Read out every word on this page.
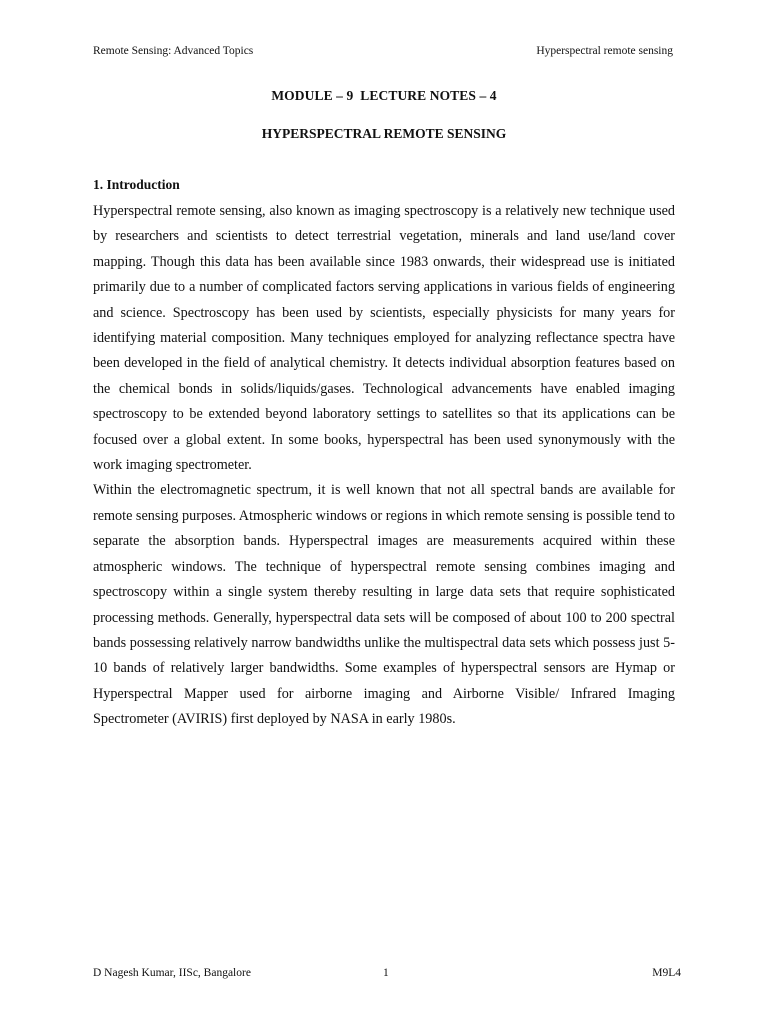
Remote Sensing: Advanced Topics	Hyperspectral remote sensing
MODULE – 9  LECTURE NOTES – 4
HYPERSPECTRAL REMOTE SENSING
1. Introduction

Hyperspectral remote sensing, also known as imaging spectroscopy is a relatively new technique used by researchers and scientists to detect terrestrial vegetation, minerals and land use/land cover mapping. Though this data has been available since 1983 onwards, their widespread use is initiated primarily due to a number of complicated factors serving applications in various fields of engineering and science. Spectroscopy has been used by scientists, especially physicists for many years for identifying material composition. Many techniques employed for analyzing reflectance spectra have been developed in the field of analytical chemistry. It detects individual absorption features based on the chemical bonds in solids/liquids/gases. Technological advancements have enabled imaging spectroscopy to be extended beyond laboratory settings to satellites so that its applications can be focused over a global extent. In some books, hyperspectral has been used synonymously with the work imaging spectrometer.

Within the electromagnetic spectrum, it is well known that not all spectral bands are available for remote sensing purposes. Atmospheric windows or regions in which remote sensing is possible tend to separate the absorption bands. Hyperspectral images are measurements acquired within these atmospheric windows. The technique of hyperspectral remote sensing combines imaging and spectroscopy within a single system thereby resulting in large data sets that require sophisticated processing methods. Generally, hyperspectral data sets will be composed of about 100 to 200 spectral bands possessing relatively narrow bandwidths unlike the multispectral data sets which possess just 5-10 bands of relatively larger bandwidths. Some examples of hyperspectral sensors are Hymap or Hyperspectral Mapper used for airborne imaging and Airborne Visible/ Infrared Imaging Spectrometer (AVIRIS) first deployed by NASA in early 1980s.

D Nagesh Kumar, IISc, Bangalore	1	M9L4
